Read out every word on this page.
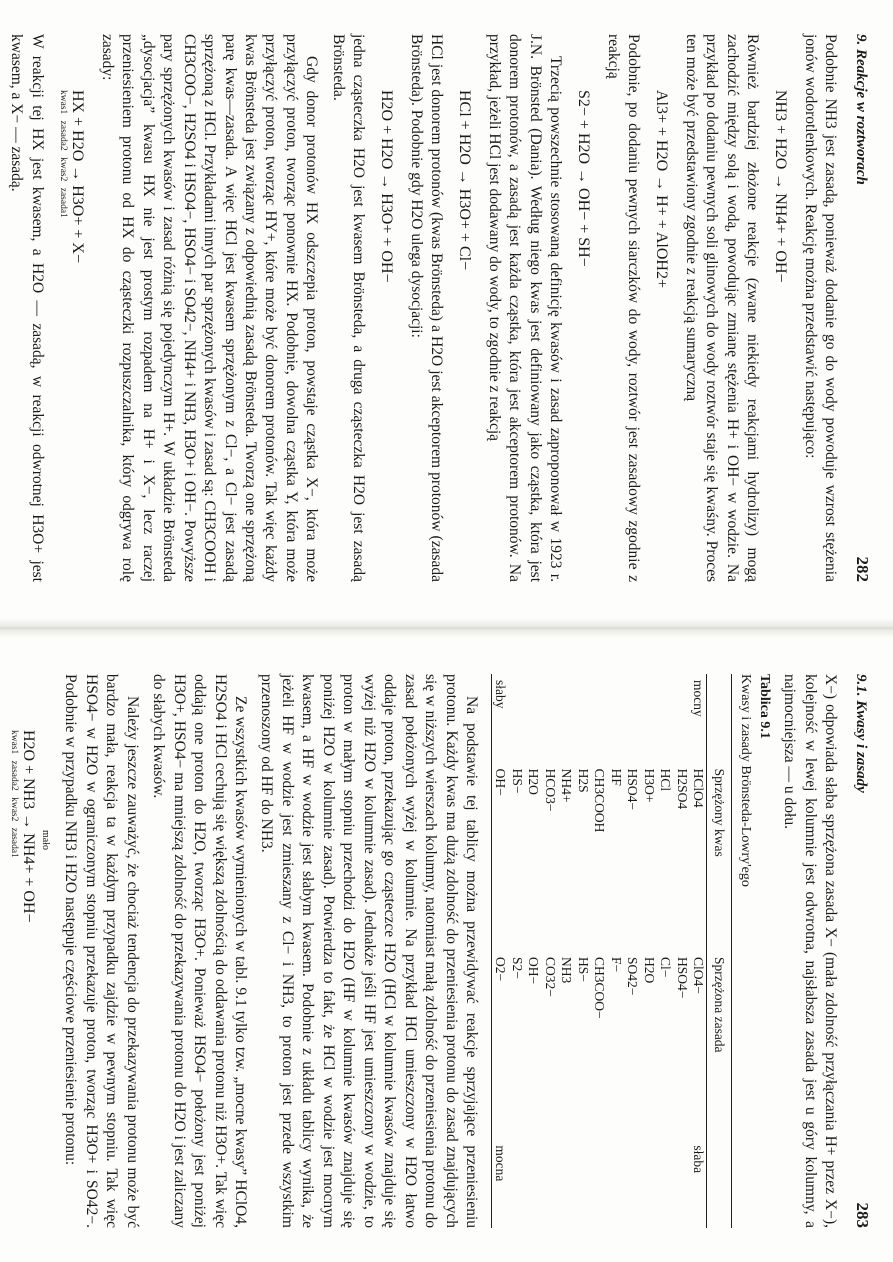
9. Reakcje w roztworach
282

Podobnie NH3 jest zasadą, ponieważ dodanie go do wody powoduje wzrost stężenia jonów wodorotlenkowych. Reakcję można przedstawić następująco:

NH3 + H2O → NH4+ + OH−

Również bardziej złożone reakcje (zwane niekiedy reakcjami hydrolizy) mogą zachodzić między solą i wodą, powodując zmianę stężenia H+ i OH− w wodzie. Na przykład po dodaniu pewnych soli glinowych do wody roztwór staje się kwaśny. Proces ten może być przedstawiony zgodnie z reakcją sumaryczną

Al3+ + H2O → H+ + AlOH2+

Podobnie, po dodaniu pewnych siarczków do wody, roztwór jest zasadowy zgodnie z reakcją

S2− + H2O → OH− + SH−

Trzecią powszechnie stosowaną definicję kwasów i zasad zaproponował w 1923 r. J.N. Brönsted (Dania). Według niego kwas jest definiowany jako cząstka, która jest donorem protonów, a zasadą jest każda cząstka, która jest akceptorem protonów. Na przykład, jeżeli HCl jest dodawany do wody, to zgodnie z reakcją

HCl + H2O → H3O+ + Cl−

HCl jest donorem protonów (kwas Brönsteda) a H2O jest akceptorem protonów (zasada Brönsteda). Podobnie gdy H2O ulega dysocjacji:

H2O + H2O → H3O+ + OH−

jedna cząsteczka H2O jest kwasem Brönsteda, a druga cząsteczka H2O jest zasadą Brönsteda.

Gdy donor protonów HX odszczepia proton, powstaje cząstka X−, która może przyłączyć proton, tworząc ponownie HX. Podobnie, dowolna cząstka Y, która może przyłączyć proton, tworząc HY+, które może być donorem protonów. Tak więc każdy kwas Brönsteda jest związany z odpowiednią zasadą Brönsteda. Tworzą one sprzężoną parę kwas—zasada. A więc HCl jest kwasem sprzężonym z Cl−, a Cl− jest zasadą sprzężoną z HCl. Przykładami innych par sprzężonych kwasów i zasad są: CH3COOH i CH3COO−, H2SO4 i HSO4−, HSO4− i SO42−, NH4+ i NH3, H3O+ i OH−. Powyższe pary sprzężonych kwasów i zasad różnią się pojedynczym H+. W układzie Brönsteda „dysocjacja” kwasu HX nie jest prostym rozpadem na H+ i X−, lecz raczej przeniesieniem protonu od HX do cząsteczki rozpuszczalnika, który odgrywa rolę zasady:

HX + H2O → H3O+ + X−
kwas1 zasada2 kwas2 zasada1

W reakcji tej HX jest kwasem, a H2O — zasadą, w reakcji odwrotnej H3O+ jest kwasem, a X− — zasadą.

9.1. Kwasy i zasady
283

X−) odpowiada słaba sprzężona zasada X− (mała zdolność przyłączania H+ przez X−), kolejność w lewej kolumnie jest odwrotna, najsłabsza zasada jest u góry kolumny, a najmocniejsza — u dołu.

Tablica 9.1
Kwasy i zasady Brönsteda-Lowry'ego
	Sprzężony kwas	Sprzężona zasada	
mocny	HClO4	ClO4−	słaba
	H2SO4	HSO4−	
	HCl	Cl−	
	H3O+	H2O	
	HSO4−	SO42−	
	HF	F−	
	CH3COOH	CH3COO−	
	H2S	HS−	
	NH4+	NH3	
	HCO3−	CO32−	
	H2O	OH−	
	HS−	S2−	
słaby	OH−	O2−	mocna

Na podstawie tej tablicy można przewidywać reakcje sprzyjające przeniesieniu protonu. Każdy kwas ma dużą zdolność do przeniesienia protonu do zasad znajdujących się w niższych wierszach kolumny, natomiast małą zdolność do przeniesienia protonu do zasad położonych wyżej w kolumnie. Na przykład HCl umieszczony w H2O łatwo oddaje proton, przekazując go cząsteczce H2O (HCl w kolumnie kwasów znajduje się wyżej niż H2O w kolumnie zasad). Jednakże jeśli HF jest umieszczony w wodzie, to proton w małym stopniu przechodzi do H2O (HF w kolumnie kwasów znajduje się poniżej H2O w kolumnie zasad). Potwierdza to fakt, że HCl w wodzie jest mocnym kwasem, a HF w wodzie jest słabym kwasem. Podobnie z układu tablicy wynika, że jeżeli HF w wodzie jest zmieszany z Cl− i NH3, to proton jest przede wszystkim przenoszony od HF do NH3.

Ze wszystkich kwasów wymienionych w tabl. 9.1 tylko tzw. „mocne kwasy” HClO4, H2SO4 i HCl cechują się większą zdolnością do oddawania protonu niż H3O+. Tak więc oddają one proton do H2O, tworząc H3O+. Ponieważ HSO4− położony jest poniżej H3O+, HSO4− ma mniejszą zdolność do przekazywania protonu do H2O i jest zaliczany do słabych kwasów.

Należy jeszcze zauważyć, że chociaż tendencja do przekazywania protonu może być bardzo mała, reakcja ta w każdym przypadku zajdzie w pewnym stopniu. Tak więc HSO4− w H2O w ograniczonym stopniu przekazuje proton, tworząc H3O+ i SO42−. Podobnie w przypadku NH3 i H2O następuje częściowe przeniesienie protonu:

mało
H2O + NH3 → NH4+ + OH−
kwas1 zasada2 kwas2 zasada1
